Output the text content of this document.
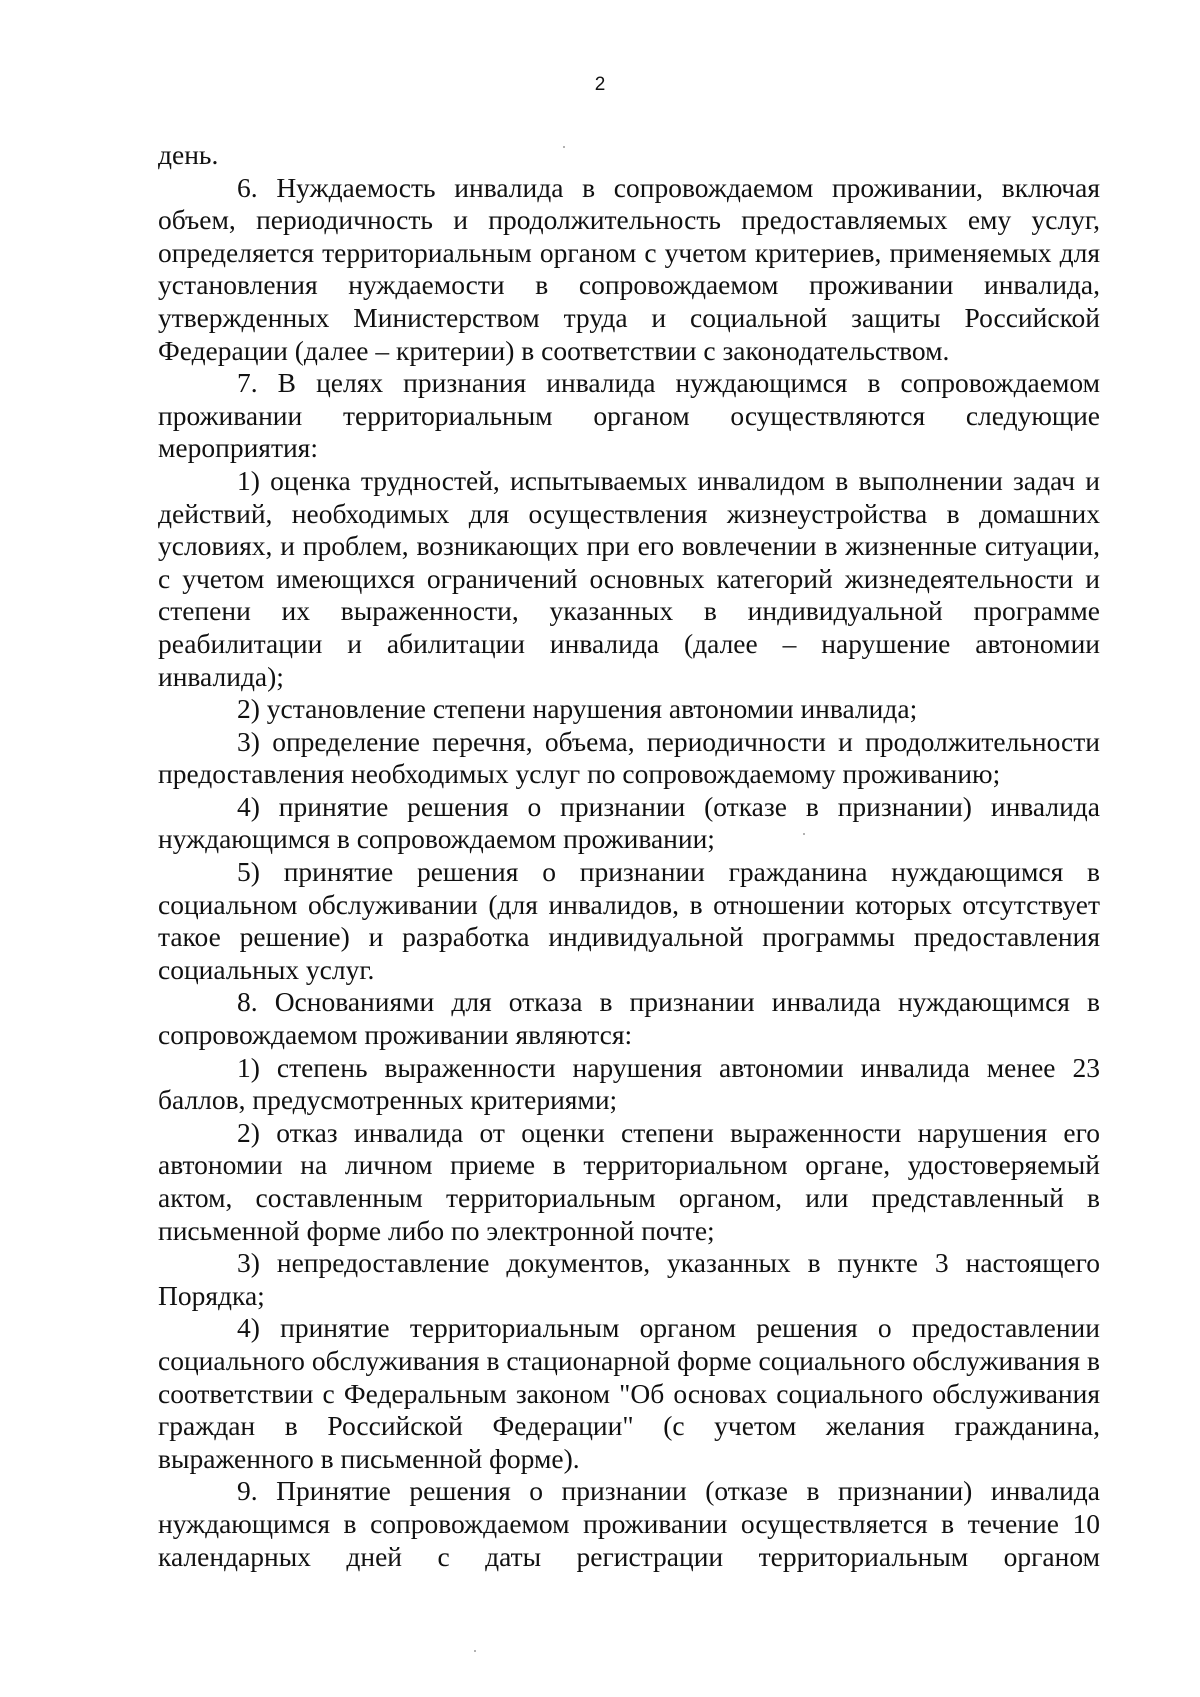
2

день.

6. Нуждаемость инвалида в сопровождаемом проживании, включая объем, периодичность и продолжительность предоставляемых ему услуг, определяется территориальным органом с учетом критериев, применяемых для установления нуждаемости в сопровождаемом проживании инвалида, утвержденных Министерством труда и социальной защиты Российской Федерации (далее – критерии) в соответствии с законодательством.

7. В целях признания инвалида нуждающимся в сопровождаемом проживании территориальным органом осуществляются следующие мероприятия:

1) оценка трудностей, испытываемых инвалидом в выполнении задач и действий, необходимых для осуществления жизнеустройства в домашних условиях, и проблем, возникающих при его вовлечении в жизненные ситуации, с учетом имеющихся ограничений основных категорий жизнедеятельности и степени их выраженности, указанных в индивидуальной программе реабилитации и абилитации инвалида (далее – нарушение автономии инвалида);

2) установление степени нарушения автономии инвалида;

3) определение перечня, объема, периодичности и продолжительности предоставления необходимых услуг по сопровождаемому проживанию;

4) принятие решения о признании (отказе в признании) инвалида нуждающимся в сопровождаемом проживании;

5) принятие решения о признании гражданина нуждающимся в социальном обслуживании (для инвалидов, в отношении которых отсутствует такое решение) и разработка индивидуальной программы предоставления социальных услуг.

8. Основаниями для отказа в признании инвалида нуждающимся в сопровождаемом проживании являются:

1) степень выраженности нарушения автономии инвалида менее 23 баллов, предусмотренных критериями;

2) отказ инвалида от оценки степени выраженности нарушения его автономии на личном приеме в территориальном органе, удостоверяемый актом, составленным территориальным органом, или представленный в письменной форме либо по электронной почте;

3) непредоставление документов, указанных в пункте 3 настоящего Порядка;

4) принятие территориальным органом решения о предоставлении социального обслуживания в стационарной форме социального обслуживания в соответствии с Федеральным законом "Об основах социального обслуживания граждан в Российской Федерации" (с учетом желания гражданина, выраженного в письменной форме).

9. Принятие решения о признании (отказе в признании) инвалида нуждающимся в сопровождаемом проживании осуществляется в течение 10 календарных дней с даты регистрации территориальным органом
